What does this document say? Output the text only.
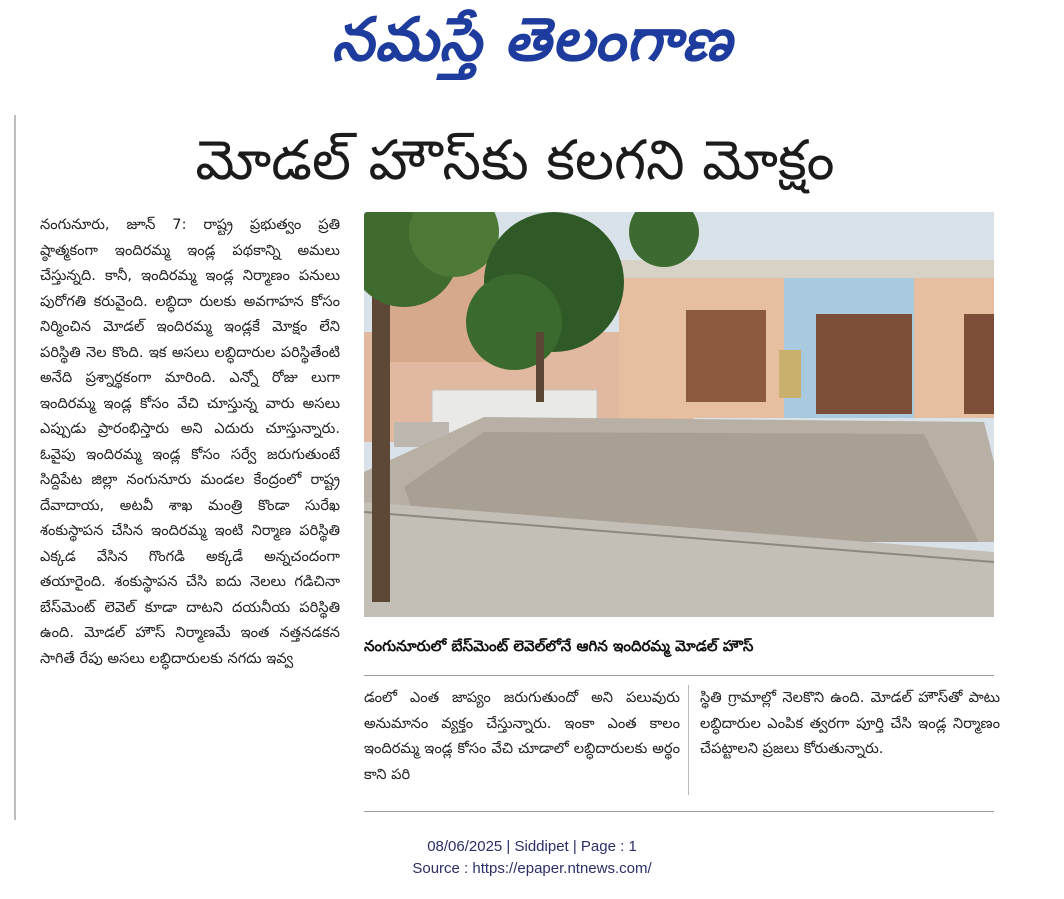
నమస్తే తెలంగాణ
మోడల్ హౌస్‌కు కలగని మోక్షం

నంగునూరు, జూన్ 7: రాష్ట్ర ప్రభుత్వం ప్రతి ష్ఠాత్మకంగా ఇందిరమ్మ ఇండ్ల పథకాన్ని అమలు చేస్తున్నది. కానీ, ఇందిరమ్మ ఇండ్ల నిర్మాణం పనులు పురోగతి కరువైంది. లబ్ధిదా రులకు అవగాహన కోసం నిర్మించిన మోడల్ ఇందిరమ్మ ఇండ్లకే మోక్షం లేని పరిస్థితి నెల కొంది. ఇక అసలు లబ్ధిదారుల పరిస్థితేంటి అనేది ప్రశ్నార్థకంగా మారింది. ఎన్నో రోజు లుగా ఇందిరమ్మ ఇండ్ల కోసం వేచి చూస్తున్న వారు అసలు ఎప్పుడు ప్రారంభిస్తారు అని ఎదురు చూస్తున్నారు. ఓవైపు ఇందిరమ్మ ఇండ్ల కోసం సర్వే జరుగుతుంటే సిద్దిపేట జిల్లా నంగునూరు మండల కేంద్రంలో రాష్ట్ర దేవాదాయ, అటవీ శాఖ మంత్రి కొండా సురేఖ శంకుస్థాపన చేసిన ఇందిరమ్మ ఇంటి నిర్మాణ పరిస్థితి ఎక్కడ వేసిన గొంగడి అక్కడే అన్నచందంగా తయారైంది. శంకుస్థాపన చేసి ఐదు నెలలు గడిచినా బేస్‌మెంట్ లెవెల్ కూడా దాటని దయనీయ పరిస్థితి ఉంది. మోడల్ హౌస్ నిర్మాణమే ఇంత నత్తనడకన సాగితే రేపు అసలు లబ్ధిదారులకు నగదు ఇవ్వ

నంగునూరులో బేస్‌మెంట్ లెవెల్‌లోనే ఆగిన ఇందిరమ్మ మోడల్ హౌస్

డంలో ఎంత జాప్యం జరుగుతుందో అని పలువురు అనుమానం వ్యక్తం చేస్తున్నారు. ఇంకా ఎంత కాలం ఇందిరమ్మ ఇండ్ల కోసం వేచి చూడాలో లబ్ధిదారులకు అర్థం కాని పరి

స్థితి గ్రామాల్లో నెలకొని ఉంది. మోడల్ హౌస్‌తో పాటు లబ్ధిదారుల ఎంపిక త్వరగా పూర్తి చేసి ఇండ్ల నిర్మాణం చేపట్టాలని ప్రజలు కోరుతున్నారు.

08/06/2025 | Siddipet | Page : 1
Source : https://epaper.ntnews.com/
